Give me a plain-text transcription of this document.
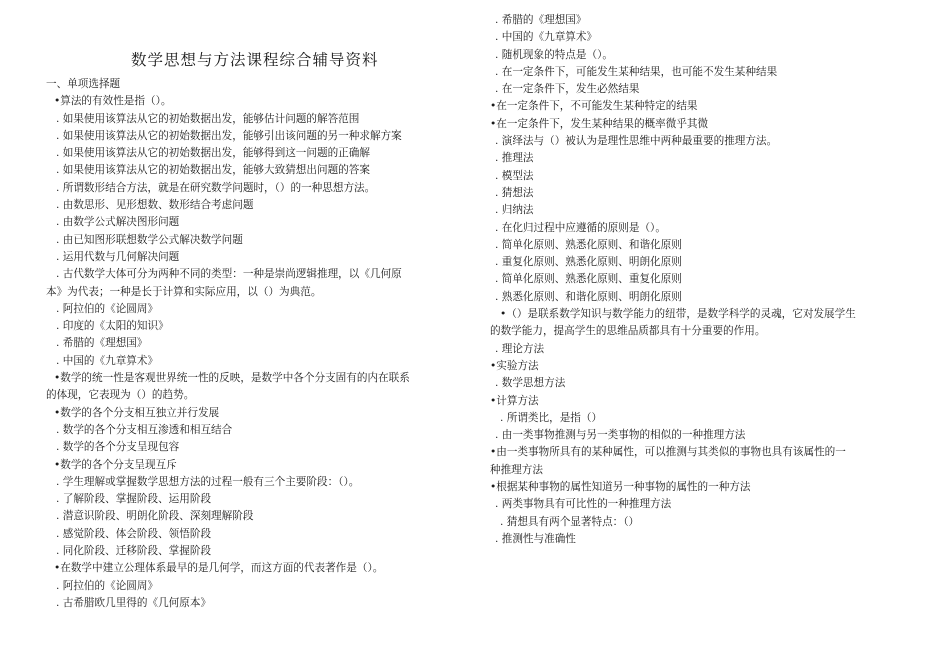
数学思想与方法课程综合辅导资料
一、单项选择题
•算法的有效性是指（）。
. 如果使用该算法从它的初始数据出发，能够估计问题的解答范围
. 如果使用该算法从它的初始数据出发，能够引出该问题的另一种求解方案
. 如果使用该算法从它的初始数据出发，能够得到这一问题的正确解
. 如果使用该算法从它的初始数据出发，能够大致猜想出问题的答案
. 所谓数形结合方法，就是在研究数学问题时，（）的一种思想方法。
. 由数思形、见形想数、数形结合考虑问题
. 由数学公式解决图形问题
. 由已知图形联想数学公式解决数学问题
. 运用代数与几何解决问题
. 古代数学大体可分为两种不同的类型：一种是崇尚逻辑推理，以《几何原
本》为代表；一种是长于计算和实际应用，以（）为典范。
. 阿拉伯的《论圆周》
. 印度的《太阳的知识》
. 希腊的《理想国》
. 中国的《九章算术》
•数学的统一性是客观世界统一性的反映，是数学中各个分支固有的内在联系
的体现，它表现为（）的趋势。
•数学的各个分支相互独立并行发展
. 数学的各个分支相互渗透和相互结合
. 数学的各个分支呈现包容
•数学的各个分支呈现互斥
. 学生理解或掌握数学思想方法的过程一般有三个主要阶段：（）。
. 了解阶段、掌握阶段、运用阶段
. 潜意识阶段、明朗化阶段、深刻理解阶段
. 感觉阶段、体会阶段、领悟阶段
. 同化阶段、迁移阶段、掌握阶段
•在数学中建立公理体系最早的是几何学，而这方面的代表著作是（）。
. 阿拉伯的《论圆周》
. 古希腊欧几里得的《几何原本》
. 希腊的《理想国》
. 中国的《九章算术》
. 随机现象的特点是（）。
. 在一定条件下，可能发生某种结果，也可能不发生某种结果
. 在一定条件下，发生必然结果
•在一定条件下，不可能发生某种特定的结果
•在一定条件下，发生某种结果的概率微乎其微
. 演绎法与（）被认为是理性思维中两种最重要的推理方法。
. 推理法
. 模型法
. 猜想法
. 归纳法
. 在化归过程中应遵循的原则是（）。
. 简单化原则、熟悉化原则、和谐化原则
. 重复化原则、熟悉化原则、明朗化原则
. 简单化原则、熟悉化原则、重复化原则
. 熟悉化原则、和谐化原则、明朗化原则
•（）是联系数学知识与数学能力的纽带，是数学科学的灵魂，它对发展学生
的数学能力，提高学生的思维品质都具有十分重要的作用。
. 理论方法
•实验方法
. 数学思想方法
•计算方法
. 所谓类比，是指（）
. 由一类事物推测与另一类事物的相似的一种推理方法
•由一类事物所具有的某种属性，可以推测与其类似的事物也具有该属性的一
种推理方法
•根据某种事物的属性知道另一种事物的属性的一种方法
. 两类事物具有可比性的一种推理方法
. 猜想具有两个显著特点：（）
. 推测性与准确性
